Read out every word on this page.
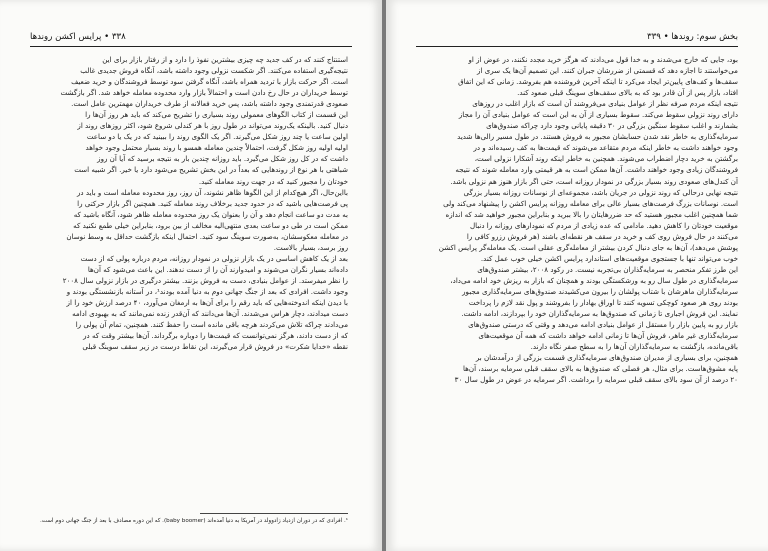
۳۳۸ • پرایس اکشن روندها
استنتاج کنند که در کف جدید چه چیزی بیشترین نفوذ را دارد و از رفتار بازار برای این
نتیجه‌گیری استفاده می‌کنند. اگر شکست نزولی وجود داشته باشد، آنگاه فروش جدیدی غالب
است. اگر حرکت بازار با تردید همراه باشد، آنگاه گرفتن سود توسط فروشندگان و خرید ضعیف
توسط خریداران در حال رخ دادن است و احتمالاً بازار وارد محدوده معامله خواهد شد. اگر بازگشت
صعودی قدرتمندی وجود داشته باشد، پس خرید فعالانه از طرف خریداران مهمترین عامل است.
این قسمت از کتاب الگوهای معمولی روند بسیاری را تشریح می‌کند که باید هر روز آن‌ها را
دنبال کنید. بالینکه یک‌روند می‌تواند در طول روز با هر کندلی شروع شود، اکثر روزهای روند از
اولین ساعت یا چند روز شکل می‌گیرند. اگر یک الگوی روند را ببینید که در یک یا دو ساعت
اولیه اولیه روز شکل گرفت، احتمالاً چندین معامله همسو با روند بسیار محتمل وجود خواهد
داشت که در کل روز شکل می‌گیرد. باید روزانه چندین بار به نتیجه برسید که آیا آن روز
شباهتی با هر نوع از روندهایی که بعداً در این بخش تشریح می‌شود دارد یا خیر. اگر شبیه است
خودتان را مجبور کنید که در جهت روند معامله کنید.
بااین‌حال، اگر هیچ‌کدام از این الگوها ظاهر نشوند، آن روز، روز محدوده معامله است و باید در
پی فرصت‌هایی باشید که در حدود جدید برخلاف روند معامله کنید. همچنین اگر بازار حرکتی را
به مدت دو ساعت انجام دهد و آن را بعنوان یک روز محدوده معامله ظاهر شود، آنگاه باشید که
ممکن است در طی دو ساعت بعدی منتهی‌الیه مخالف از بین برود، بنابراین خیلی طمع نکنید که
در معامله معکوسشان، به‌صورت سوینگ سود کنید. احتمال اینکه بازگشت حداقل به وسط نوسان
روز برسد، بسیار بالاست.
بعد از یک کاهش اساسی در یک بازار نزولی در نمودار روزانه، مردم درباره پولی که از دست
داده‌اند بسیار نگران می‌شوند و امیدوارند آن را از دست ندهند. این باعث می‌شود که آن‌ها
را نظر میفرستد. از عوامل بنیادی، دست به فروش بزنند. بیشتر درگیری در بازار نزولی سال ۲۰۰۸
وجود داشت. افرادی که بعد از جنگ جهانی دوم به دنیا آمده بودند¹، در آستانه بازنشستگی بودند و
با دیدن اینکه اندوخته‌هایی که باید رقم را برای آن‌ها به ارمغان می‌آورد، ۴۰ درصد ارزش خود را از
دست میدادند، دچار هراس می‌شدند. آن‌ها می‌دانند که آن‌قدر زنده نمی‌مانند که به بهبودی ادامه
می‌دادند چراکه تلاش می‌کردند هرچه باقی مانده است را حفظ کنند. همچنین، تمام آن پولی را
که از دست دادند، هرگز نمی‌توانست که قیمت‌ها را دوباره برگرداند. آن‌ها بیشتر وقت که در
نقطه «خدایا شکرت» در فروش قرار می‌گیرند، این نقاط درست در زیر سقف سوینگ قبلی
¹. افرادی که در دوران ازدیاد زادوولد در آمریکا به دنیا آمده‌اند (baby boomer). که این دوره مصادف با بعد از جنگ جهانی دوم است.
بخش سوم: روندها • ۳۳۹
بود، جایی که خارج می‌شدند و به خدا قول می‌دادند که هرگز خرید مجدد نکنند، در عوض از او
می‌خواستند تا اجازه دهد که قسمتی از ضررشان جبران کنند. این تصمیم آن‌ها یک سری از
سقف‌ها و کف‌های پایین‌تر ایجاد می‌کرد تا اینکه آخرین فروشنده هم بفروشد. زمانی که این اتفاق
افتاد، بازار پس از آن قادر بود که به بالای سقف‌های سوینگ قبلی صعود کند.
نتیجه اینکه مردم صرفه نظر از عوامل بنیادی می‌فروشند آن است که بازار اغلب در روزهای
دارای روند نزولی سقوط می‌کند. سقوط بسیاری از آن به این است که عوامل بنیادی آن را مجاز
بشمارند و اغلب سقوط سنگین بزرگی در ۳۰ دقیقه پایانی وجود دارد چراکه صندوق‌های
سرمایه‌گذاری به خاطر نقد شدن حسابشان مجبور به فروش هستند. در طول مسیر رالی‌ها شدید
وجود خواهند داشت به خاطر اینکه مردم متقاعد می‌شوند که قیمت‌ها به کف رسیده‌اند و در
برگشتن به خرید دچار اضطراب می‌شوند. همچنین به خاطر اینکه روند آشکارا نزولی است،
فروشندگان زیادی وجود خواهند داشت. آن‌ها ممکن است به هر قیمتی وارد معامله شوند که نتیجه
آن کندل‌های صعودی روند بسیار بزرگی در نمودار روزانه است، حتی اگر بازار هنوز هم نزولی باشد.
نتیجه نهایی درحالی که روند نزولی در جریان باشد، مجموعه‌ای از نوسانات روزانه بسیار بزرگی
است. نوسانات بزرگ فرصت‌های بسیار عالی برای معامله روزانه پرایس اکشن را پیشنهاد می‌کند ولی
شما همچنین اغلب مجبور هستید که حد ضرر‌هایتان را بالا ببرید و بنابراین مجبور خواهید شد که اندازه
موقعیت خودتان را کاهش دهید. مادامی که عده زیادی از مردم که نمودارهای روزانه را دنبال
می‌کنند در حال فروش روی کف و خرید در سقف هر نقطه‌ای باشند (هر فروش رزرو کافی را
پوشش می‌دهد)، آن‌ها به جای دنبال کردن بیشتر از معامله‌گری عقلی است. یک معامله‌گر پرایس اکشن
خوب می‌تواند تنها با جستجوی موقعیت‌های استاندارد پرایس اکشن خیلی خوب عمل کند.
این طرز تفکر منحصر به سرمایه‌گذاران بی‌تجربه نیست. در رکود ۲۰۰۸، بیشتر صندوق‌های
سرمایه‌گذاری در طول سال رو به ورشکستگی بودند و همچنان که بازار به ریزش خود ادامه می‌داد،
سرمایه‌گذاران ماهرشان با شتاب پولشان را بیرون می‌کشیدند صندوق‌های سرمایه‌گذاری مجبور
بودند روی هر صعود کوچکی تسویه کنند تا اوراق بهادار را بفروشند و پول نقد لازم را پرداخت
نمایند. این فروش اجباری تا زمانی که صندوق‌ها به سرمایه‌گذاران خود را بپردازند، ادامه داشت.
بازار رو به پایین بازار را مستقل از عوامل بنیادی ادامه می‌دهد و وقتی که درستی صندوق‌های
سرمایه‌گذاری غیر ماهر، فروش آن‌ها تا زمانی ادامه خواهد داشت که همه آن موقعیت‌های
باقی‌مانده، بازگشت به سرمایه‌گذاران آن‌ها را به سطح صفر نگاه دارند.
همچنین، برای بسیاری از مدیران صندوق‌های سرمایه‌گذاری قسمت بزرگی از درآمدشان بر
پایه مشوق‌هاست. برای مثال، هر فصلی که صندوق‌ها به بالای سقف قبلی سرمایه برسند، آن‌ها
۲۰ درصد از آن سود بالای سقف قبلی سرمایه را برداشت. اگر سرمایه در عوض در طول سال ۳۰
